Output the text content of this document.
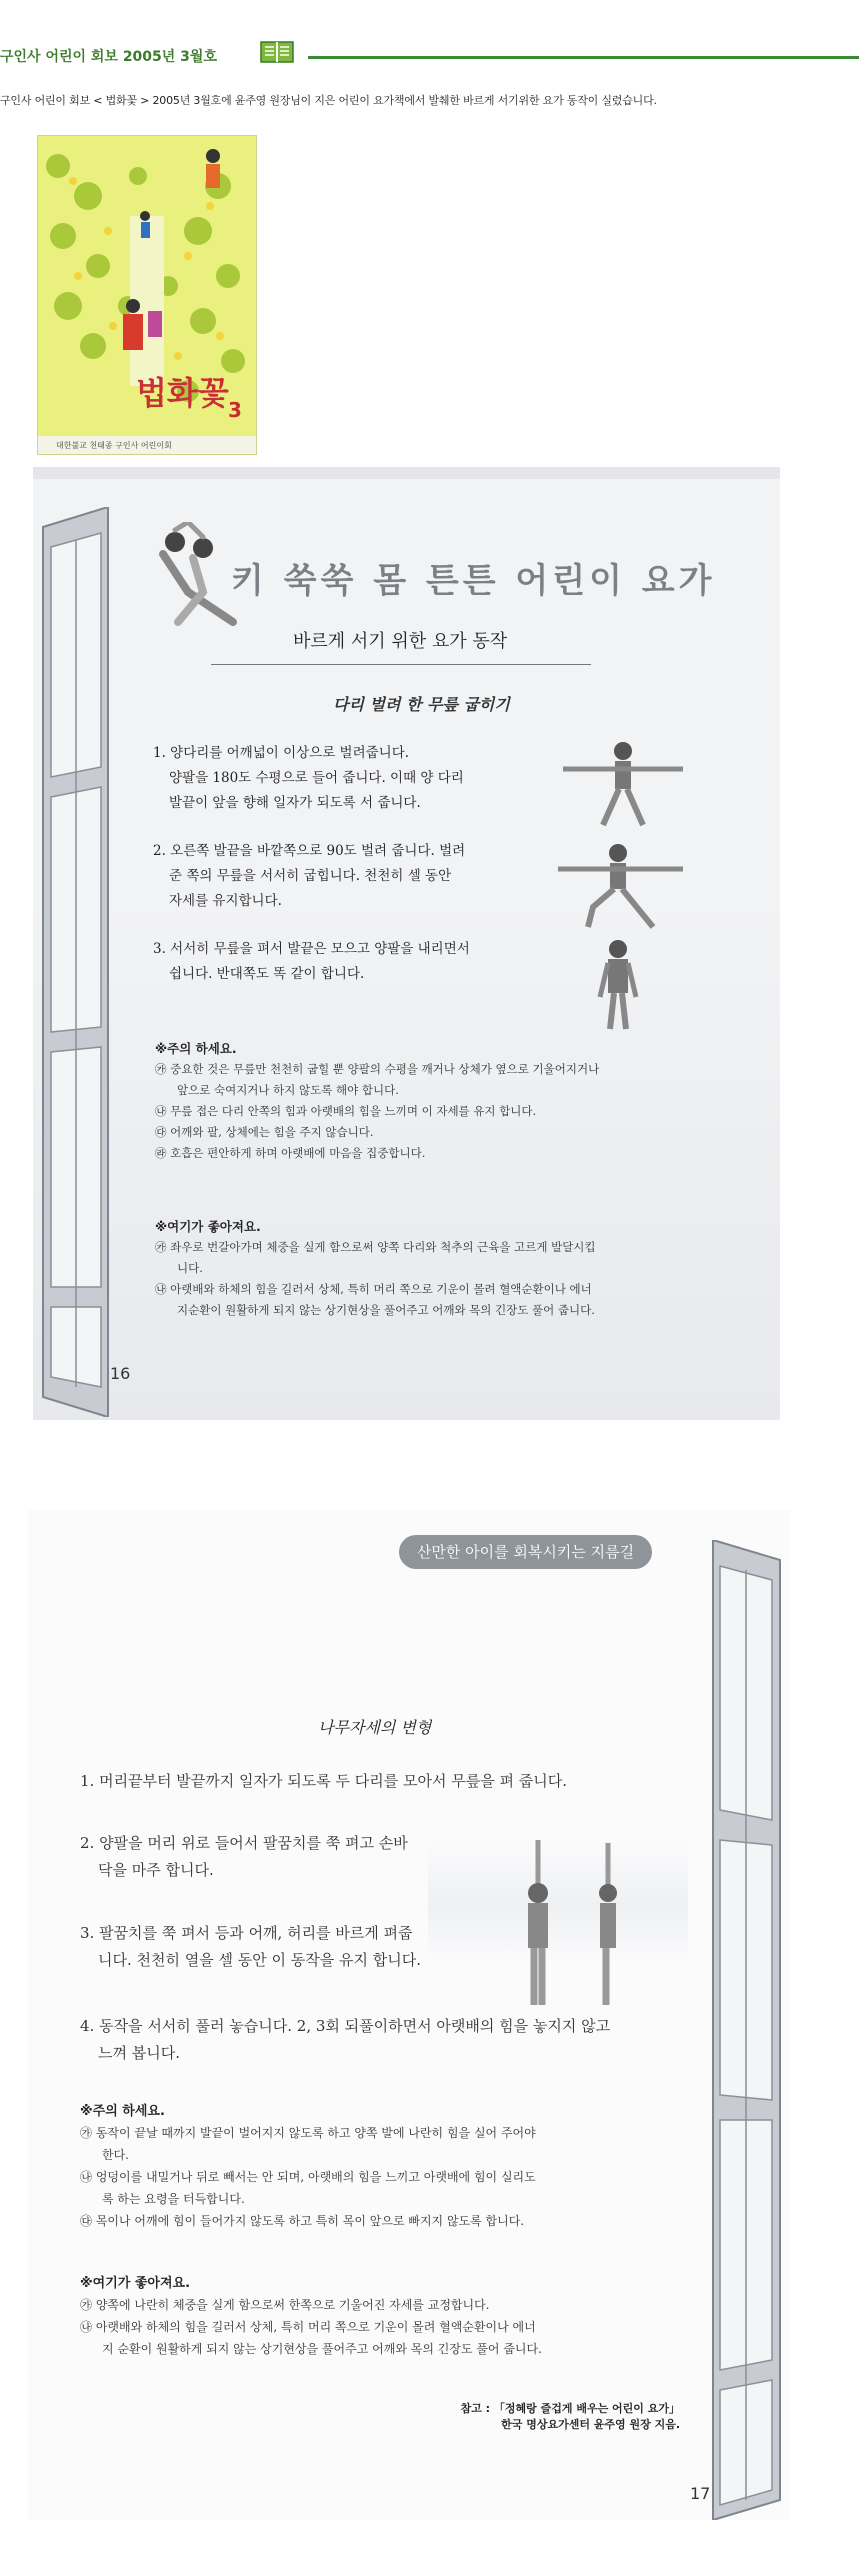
구인사 어린이 회보 2005년 3월호
구인사 어린이 회보 < 법화꽃 > 2005년 3월호에 윤주영 원장님이 지은 어린이 요가책에서 발췌한 바르게 서기위한 요가 동작이 실렸습니다.
법화꽃 3
대한불교 천태종 구인사 어린이회
키 쑥쑥 몸 튼튼 어린이 요가
바르게 서기 위한 요가 동작
다리 벌려 한 무릎 굽히기
1. 양다리를 어깨넓이 이상으로 벌려줍니다.
양팔을 180도 수평으로 들어 줍니다. 이때 양 다리
발끝이 앞을 향해 일자가 되도록 서 줍니다.
2. 오른쪽 발끝을 바깥쪽으로 90도 벌려 줍니다. 벌려
준 쪽의 무릎을 서서히 굽힙니다. 천천히 셀 동안
자세를 유지합니다.
3. 서서히 무릎을 펴서 발끝은 모으고 양팔을 내리면서
쉽니다. 반대쪽도 똑 같이 합니다.
※주의 하세요.
㉮ 중요한 것은 무릎만 천천히 굽힐 뿐 양팔의 수평을 깨거나 상체가 옆으로 기울어지거나
앞으로 숙여지거나 하지 않도록 해야 합니다.
㉯ 무릎 접은 다리 안쪽의 힘과 아랫배의 힘을 느끼며 이 자세를 유지 합니다.
㉰ 어깨와 팔, 상체에는 힘을 주지 않습니다.
㉱ 호흡은 편안하게 하며 아랫배에 마음을 집중합니다.
※여기가 좋아져요.
㉮ 좌우로 번갈아가며 체중을 실게 함으로써 양쪽 다리와 척추의 근육을 고르게 발달시킵
니다.
㉯ 아랫배와 하체의 힘을 길러서 상체, 특히 머리 쪽으로 기운이 몰려 혈액순환이나 에너
지순환이 원활하게 되지 않는 상기현상을 풀어주고 어깨와 목의 긴장도 풀어 줍니다.
16
산만한 아이를 회복시키는 지름길
나무자세의 변형
1. 머리끝부터 발끝까지 일자가 되도록 두 다리를 모아서 무릎을 펴 줍니다.
2. 양팔을 머리 위로 들어서 팔꿈치를 쭉 펴고 손바
닥을 마주 합니다.
3. 팔꿈치를 쭉 펴서 등과 어깨, 허리를 바르게 펴줍
니다. 천천히 열을 셀 동안 이 동작을 유지 합니다.
4. 동작을 서서히 풀러 놓습니다. 2, 3회 되풀이하면서 아랫배의 힘을 놓지지 않고
느껴 봅니다.
※주의 하세요.
㉮ 동작이 끝날 때까지 발끝이 벌어지지 않도록 하고 양쪽 발에 나란히 힘을 실어 주어야
한다.
㉯ 엉덩이를 내밀거나 뒤로 빼서는 안 되며, 아랫배의 힘을 느끼고 아랫배에 힘이 실리도
록 하는 요령을 터득합니다.
㉰ 목이나 어깨에 힘이 들어가지 않도록 하고 특히 목이 앞으로 빠지지 않도록 합니다.
※여기가 좋아져요.
㉮ 양쪽에 나란히 체중을 실게 함으로써 한쪽으로 기울어진 자세를 교정합니다.
㉯ 아랫배와 하체의 힘을 길러서 상체, 특히 머리 쪽으로 기운이 몰려 혈액순환이나 에너
지 순환이 원활하게 되지 않는 상기현상을 풀어주고 어깨와 목의 긴장도 풀어 줍니다.
참고 : 「정혜랑 즐겁게 배우는 어린이 요가」
한국 명상요가센터 윤주영 원장 지음.
17
